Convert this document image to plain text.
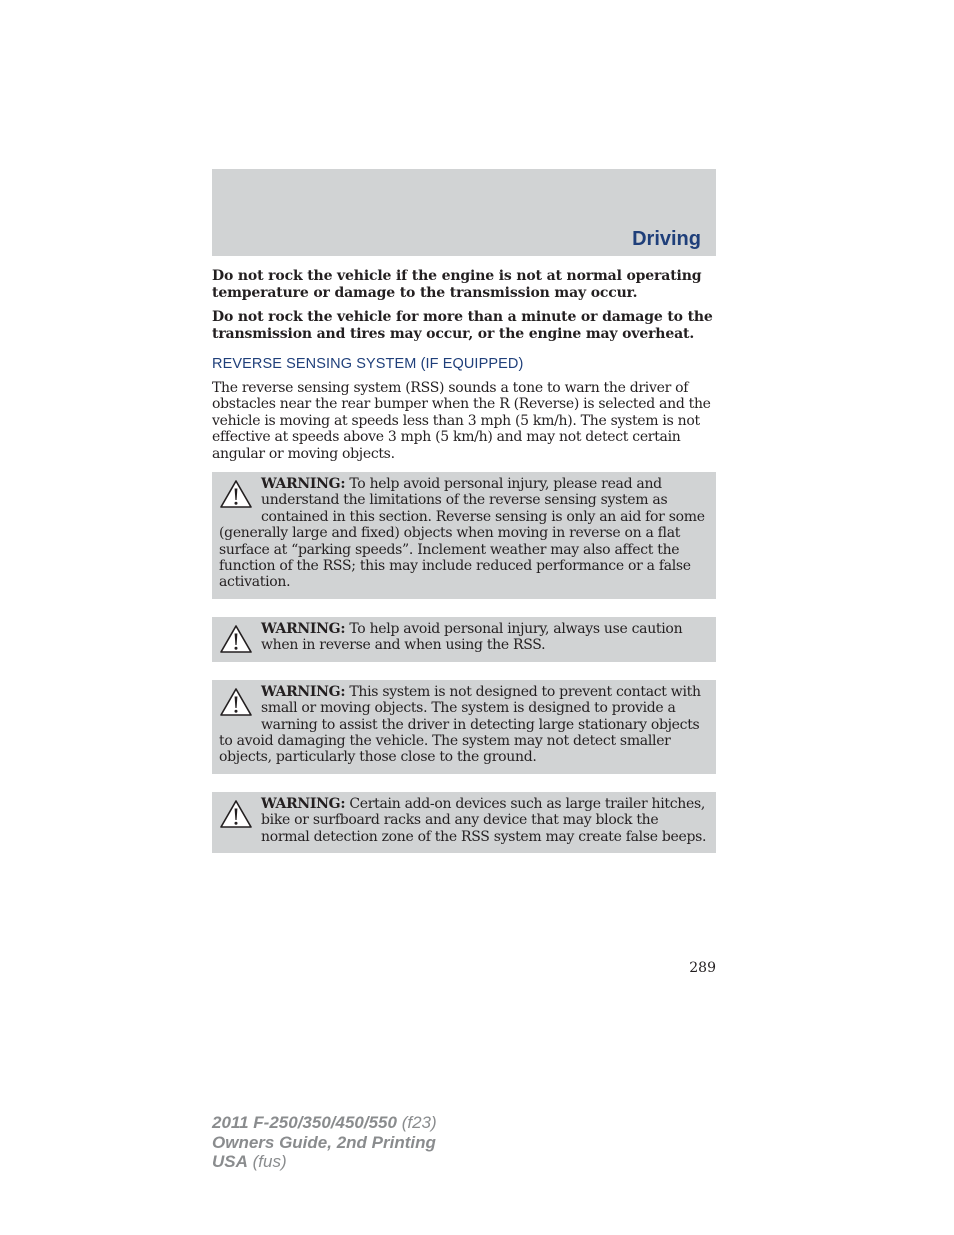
Driving

Do not rock the vehicle if the engine is not at normal operating temperature or damage to the transmission may occur.

Do not rock the vehicle for more than a minute or damage to the transmission and tires may occur, or the engine may overheat.

REVERSE SENSING SYSTEM (IF EQUIPPED)

The reverse sensing system (RSS) sounds a tone to warn the driver of obstacles near the rear bumper when the R (Reverse) is selected and the vehicle is moving at speeds less than 3 mph (5 km/h). The system is not effective at speeds above 3 mph (5 km/h) and may not detect certain angular or moving objects.

WARNING: To help avoid personal injury, please read and understand the limitations of the reverse sensing system as contained in this section. Reverse sensing is only an aid for some (generally large and fixed) objects when moving in reverse on a flat surface at “parking speeds”. Inclement weather may also affect the function of the RSS; this may include reduced performance or a false activation.
WARNING: To help avoid personal injury, always use caution when in reverse and when using the RSS.
WARNING: This system is not designed to prevent contact with small or moving objects. The system is designed to provide a warning to assist the driver in detecting large stationary objects to avoid damaging the vehicle. The system may not detect smaller objects, particularly those close to the ground.
WARNING: Certain add-on devices such as large trailer hitches, bike or surfboard racks and any device that may block the normal detection zone of the RSS system may create false beeps.
289
2011 F-250/350/450/550 (f23)
Owners Guide, 2nd Printing
USA (fus)
